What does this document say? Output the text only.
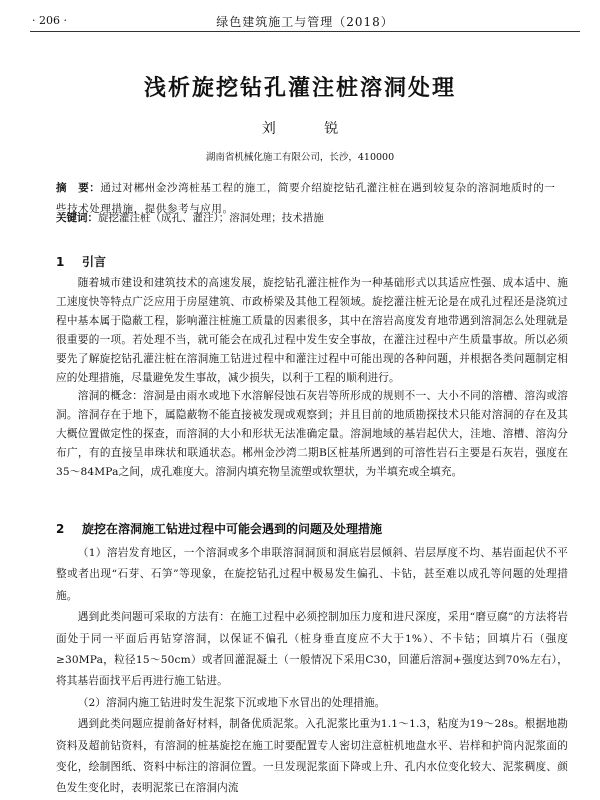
· 206 ·	绿色建筑施工与管理（2018）
浅析旋挖钻孔灌注桩溶洞处理
刘 锐
湖南省机械化施工有限公司，长沙，410000
摘　要：通过对郴州金沙湾桩基工程的施工，简要介绍旋挖钻孔灌注桩在遇到较复杂的溶洞地质时的一些技术处理措施，提供参考与应用。
关键词：旋挖灌注桩（成孔、灌注）；溶洞处理；技术措施
1 引言

随着城市建设和建筑技术的高速发展，旋挖钻孔灌注桩作为一种基础形式以其适应性强、成本适中、施工速度快等特点广泛应用于房屋建筑、市政桥梁及其他工程领域。旋挖灌注桩无论是在成孔过程还是浇筑过程中基本属于隐蔽工程，影响灌注桩施工质量的因素很多，其中在溶岩高度发育地带遇到溶洞怎么处理就是很重要的一项。若处理不当，就可能会在成孔过程中发生安全事故，在灌注过程中产生质量事故。所以必须要先了解旋挖钻孔灌注桩在溶洞施工钻进过程中和灌注过程中可能出现的各种问题，并根据各类问题制定相应的处理措施，尽量避免发生事故，减少损失，以利于工程的顺利进行。

溶洞的概念：溶洞是由雨水或地下水溶解侵蚀石灰岩等所形成的规则不一、大小不同的溶槽、溶沟或溶洞。溶洞存在于地下，属隐蔽物不能直接被发现或观察到；并且目前的地质勘探技术只能对溶洞的存在及其大概位置做定性的探查，而溶洞的大小和形状无法准确定量。溶洞地域的基岩起伏大，洼地、溶槽、溶沟分布广，有的直接呈串珠状和联通状态。郴州金沙湾二期B区桩基所遇到的可溶性岩石主要是石灰岩，强度在35～84MPa之间，成孔难度大。溶洞内填充物呈流塑或软塑状，为半填充或全填充。

2 旋挖在溶洞施工钻进过程中可能会遇到的问题及处理措施

（1）溶岩发育地区，一个溶洞或多个串联溶洞洞顶和洞底岩层倾斜、岩层厚度不均、基岩面起伏不平整或者出现“石芽、石笋”等现象，在旋挖钻孔过程中极易发生偏孔、卡钻，甚至难以成孔等问题的处理措施。

遇到此类问题可采取的方法有：在施工过程中必须控制加压力度和进尺深度，采用“磨豆腐”的方法将岩面处于同一平面后再钻穿溶洞，以保证不偏孔（桩身垂直度应不大于1%）、不卡钻；回填片石（强度≥30MPa，粒径15～50cm）或者回灌混凝土（一般情况下采用C30，回灌后溶洞+强度达到70%左右），将其基岩面找平后再进行施工钻进。

（2）溶洞内施工钻进时发生泥浆下沉或地下水冒出的处理措施。

遇到此类问题应提前备好材料，制备优质泥浆。入孔泥浆比重为1.1～1.3，粘度为19～28s。根据地勘资料及超前钻资料，有溶洞的桩基旋挖在施工时要配置专人密切注意桩机地盘水平、岩样和护筒内泥浆面的变化，绘制图纸、资料中标注的溶洞位置。一旦发现泥浆面下降或上升、孔内水位变化较大、泥浆稠度、颜色发生变化时，表明泥浆已在溶洞内流
